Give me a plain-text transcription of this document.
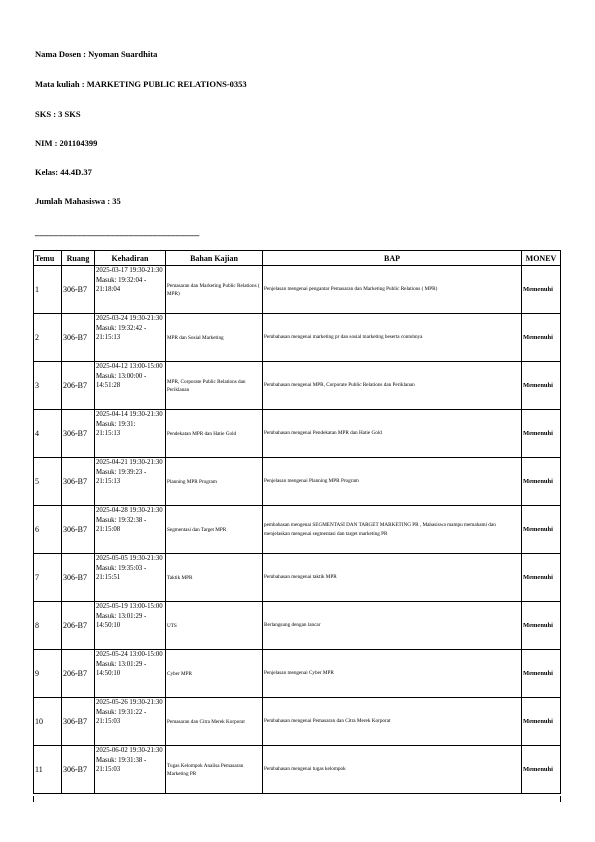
Nama Dosen : Nyoman Suardhita
Mata kuliah : MARKETING PUBLIC RELATIONS-0353
SKS : 3 SKS
NIM : 201104399
Kelas: 44.4D.37
Jumlah Mahasiswa : 35
___________________________________
Temu	Ruang	Kehadiran	Bahan Kajian	BAP	MONEV
1	306-B7	2025-03-17 19:30-21:30
Masuk: 19:32:04 -
21:18:04	Pemasaran dan Marketing Public Relations ( MPR)	Penjelasan mengenai pengantar Pemasaran dan Marketing Public Relations ( MPR)	Memenuhi
2	306-B7	2025-03-24 19:30-21:30
Masuk: 19:32:42 -
21:15:13	MPR dan Sosial Marketing	Pembahasan mengenai marketing pr dan sosial marketing beserta contohnya	Memenuhi
3	206-B7	2025-04-12 13:00-15:00
Masuk: 13:00:00 -
14:51:28	MPR, Corporate Public Relations dan Periklanan	Pembahasan mengenai MPR, Corporate Public Relations dan Periklanan	Memenuhi
4	306-B7	2025-04-14 19:30-21:30
Masuk: 19:31:
21:15:13	Pendekatan MPR dan Hatie Gold	Pembahasan mengenai Pendekatan MPR dan Hatie Gold	Memenuhi
5	306-B7	2025-04-21 19:30-21:30
Masuk: 19:39:23 -
21:15:13	Planning MPR Program	Penjelasan mengenai Planning MPR Program	Memenuhi
6	306-B7	2025-04-28 19:30-21:30
Masuk: 19:32:38 -
21:15:08	Segmentasi dan Target MPR	pembahasan mengenai SEGMENTASI DAN TARGET MARKETING PR , Mahasiswa mampu memahami dan menjelaskan mengenai segmentasi dan target marketing PR	Memenuhi
7	306-B7	2025-05-05 19:30-21:30
Masuk: 19:35:03 -
21:15:51	Taktik MPR	Pembahasan mengenai taktik MPR	Memenuhi
8	206-B7	2025-05-19 13:00-15:00
Masuk: 13:01:29 -
14:50:10	UTS	Berlangsung dengan lancar	Memenuhi
9	206-B7	2025-05-24 13:00-15:00
Masuk: 13:01:29 -
14:50:10	Cyber MPR	Penjelasan mengenai Cyber MPR	Memenuhi
10	306-B7	2025-05-26 19:30-21:30
Masuk: 19:31:22 -
21:15:03	Pemasaran dan Citra Merek Korporat	Pembahasan mengenai Pemasaran dan Citra Merek Korporat	Memenuhi
11	306-B7	2025-06-02 19:30-21:30
Masuk: 19:31:38 -
21:15:03	Tugas Kelompok Analisa Pemasaran Marketing PR	Pembahasan mengenai tugas kelompok	Memenuhi
